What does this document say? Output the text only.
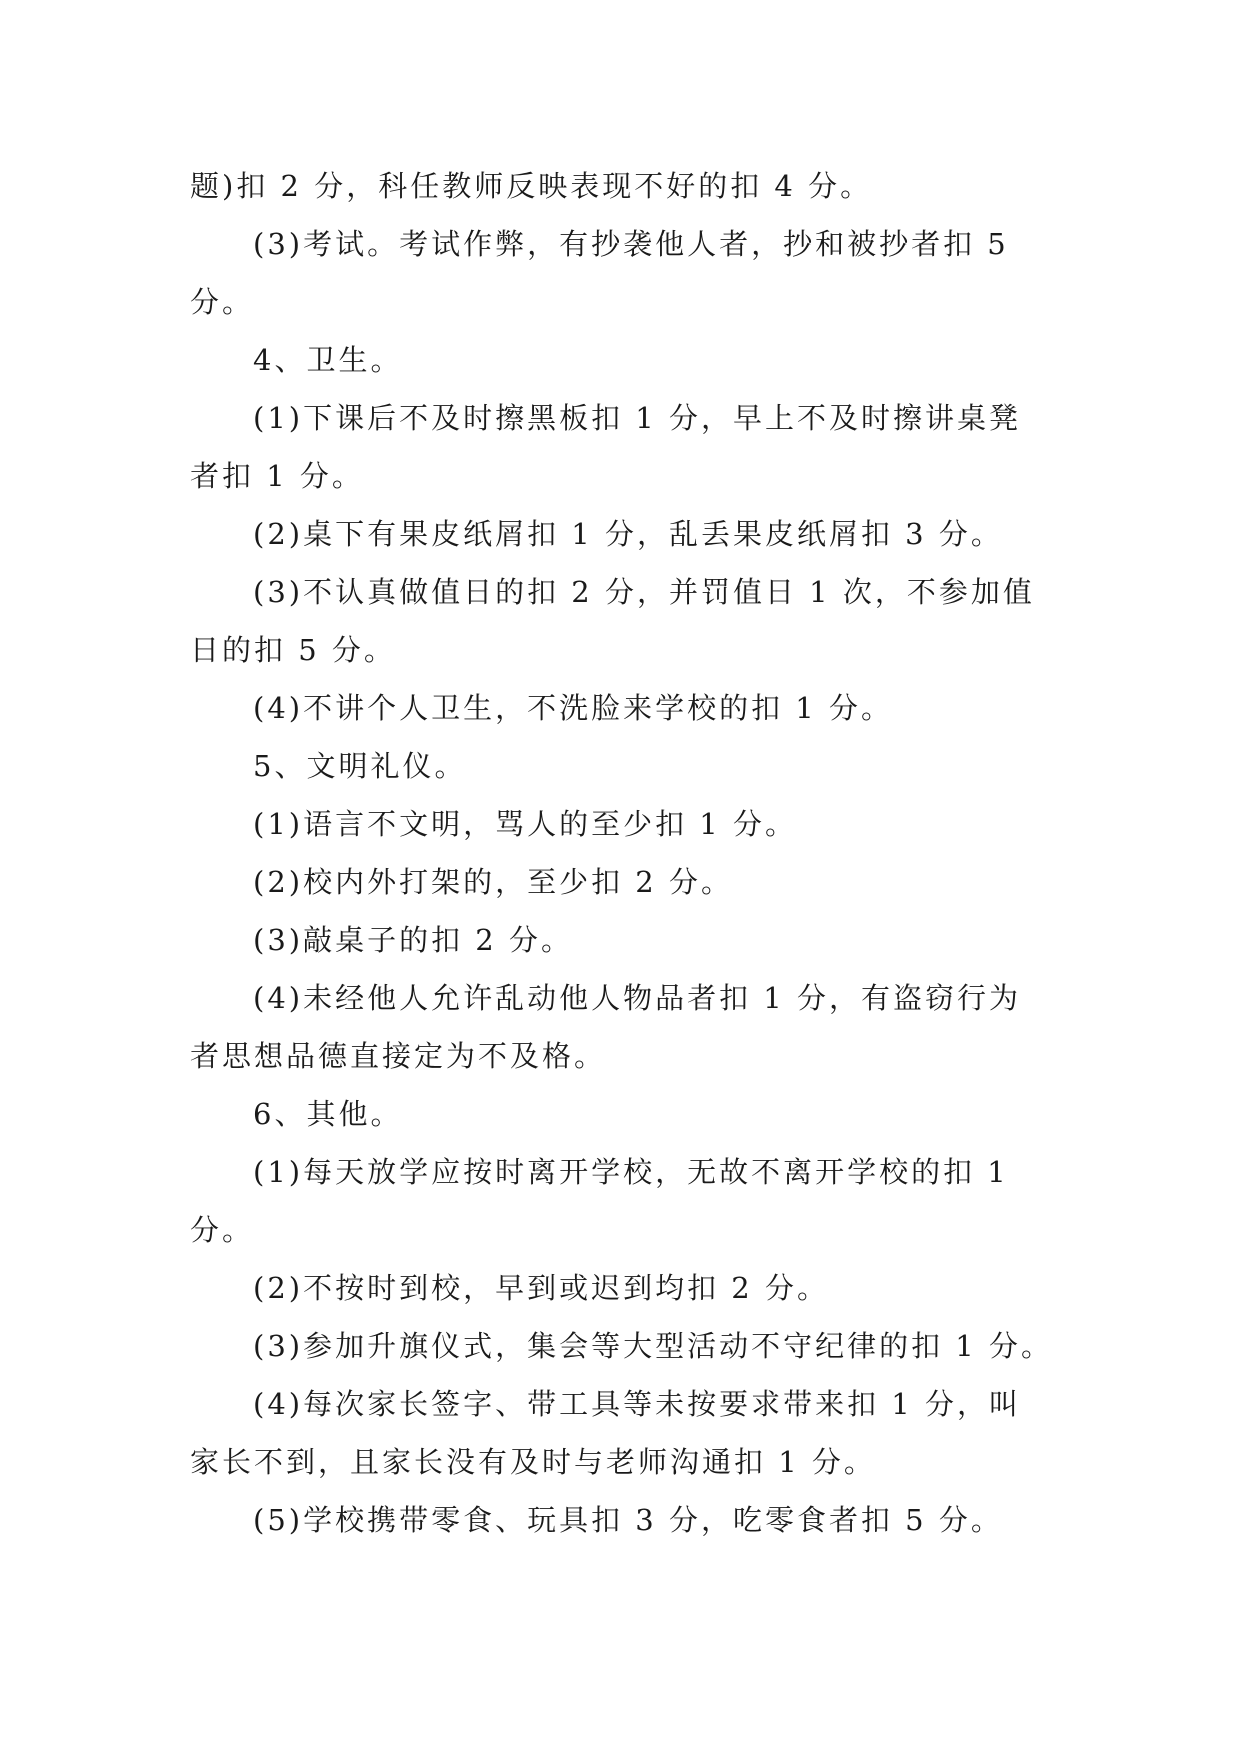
题)扣 2 分，科任教师反映表现不好的扣 4 分。
(3)考试。考试作弊，有抄袭他人者，抄和被抄者扣 5
分。
4、卫生。
(1)下课后不及时擦黑板扣 1 分，早上不及时擦讲桌凳
者扣 1 分。
(2)桌下有果皮纸屑扣 1 分，乱丢果皮纸屑扣 3 分。
(3)不认真做值日的扣 2 分，并罚值日 1 次，不参加值
日的扣 5 分。
(4)不讲个人卫生，不洗脸来学校的扣 1 分。
5、文明礼仪。
(1)语言不文明，骂人的至少扣 1 分。
(2)校内外打架的，至少扣 2 分。
(3)敲桌子的扣 2 分。
(4)未经他人允许乱动他人物品者扣 1 分，有盗窃行为
者思想品德直接定为不及格。
6、其他。
(1)每天放学应按时离开学校，无故不离开学校的扣 1
分。
(2)不按时到校，早到或迟到均扣 2 分。
(3)参加升旗仪式，集会等大型活动不守纪律的扣 1 分。
(4)每次家长签字、带工具等未按要求带来扣 1 分，叫
家长不到，且家长没有及时与老师沟通扣 1 分。
(5)学校携带零食、玩具扣 3 分，吃零食者扣 5 分。
